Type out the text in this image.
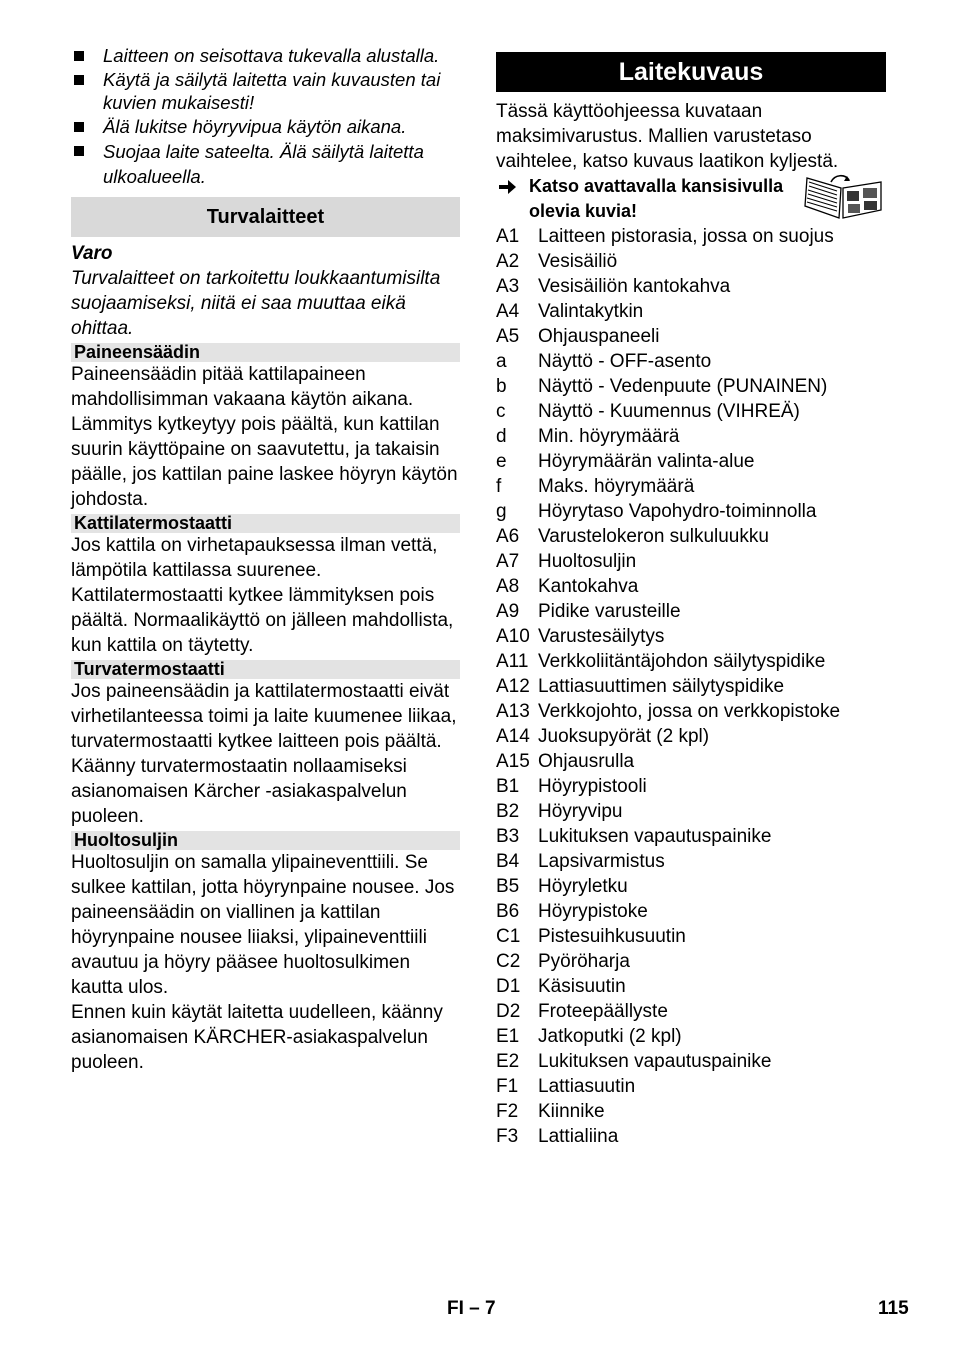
Laitteen on seisottava tukevalla alustalla.
Käytä ja säilytä laitetta vain kuvausten tai kuvien mukaisesti!
Älä lukitse höyryvipua käytön aikana.
Suojaa laite sateelta. Älä säilytä laitetta ulkoalueella.
Turvalaitteet
Varo
Turvalaitteet on tarkoitettu loukkaantumisilta suojaamiseksi, niitä ei saa muuttaa eikä ohittaa.
Paineensäädin
Paineensäädin pitää kattilapaineen mahdollisimman vakaana käytön aikana. Lämmitys kytkeytyy pois päältä, kun kattilan suurin käyttöpaine on saavutettu, ja takaisin päälle, jos kattilan paine laskee höyryn käytön johdosta.
Kattilatermostaatti
Jos kattila on virhetapauksessa ilman vettä, lämpötila kattilassa suurenee. Kattilatermostaatti kytkee lämmityksen pois päältä. Normaalikäyttö on jälleen mahdollista, kun kattila on täytetty.
Turvatermostaatti
Jos paineensäädin ja kattilatermostaatti eivät virhetilanteessa toimi ja laite kuumenee liikaa, turvatermostaatti kytkee laitteen pois päältä. Käänny turvatermostaatin nollaamiseksi asianomaisen Kärcher -asiakaspalvelun puoleen.
Huoltosuljin
Huoltosuljin on samalla ylipaineventtiili. Se sulkee kattilan, jotta höyrynpaine nousee. Jos paineensäädin on viallinen ja kattilan höyrynpaine nousee liiaksi, ylipaineventtiili avautuu ja höyry pääsee huoltosulkimen kautta ulos.
Ennen kuin käytät laitetta uudelleen, käänny asianomaisen KÄRCHER-asiakaspalvelun puoleen.
Laitekuvaus
Tässä käyttöohjeessa kuvataan maksimivarustus. Mallien varustetaso vaihtelee, katso kuvaus laatikon kyljestä.
Katso avattavalla kansisivulla olevia kuvia!
A1 Laitteen pistorasia, jossa on suojus
A2 Vesisäiliö
A3 Vesisäiliön kantokahva
A4 Valintakytkin
A5 Ohjauspaneeli
a Näyttö - OFF-asento
b Näyttö - Vedenpuute (PUNAINEN)
c Näyttö - Kuumennus (VIHREÄ)
d Min. höyrymäärä
e Höyrymäärän valinta-alue
f Maks. höyrymäärä
g Höyrytaso Vapohydro-toiminnolla
A6 Varustelokeron sulkuluukku
A7 Huoltosuljin
A8 Kantokahva
A9 Pidike varusteille
A10 Varustesäilytys
A11 Verkkoliitäntäjohdon säilytyspidike
A12 Lattiasuuttimen säilytyspidike
A13 Verkkojohto, jossa on verkkopistoke
A14 Juoksupyörät (2 kpl)
A15 Ohjausrulla
B1 Höyrypistooli
B2 Höyryvipu
B3 Lukituksen vapautuspainike
B4 Lapsivarmistus
B5 Höyryletku
B6 Höyrypistoke
C1 Pistesuihkusuutin
C2 Pyöröharja
D1 Käsisuutin
D2 Froteepäällyste
E1 Jatkoputki (2 kpl)
E2 Lukituksen vapautuspainike
F1 Lattiasuutin
F2 Kiinnike
F3 Lattialiina
FI – 7	115
